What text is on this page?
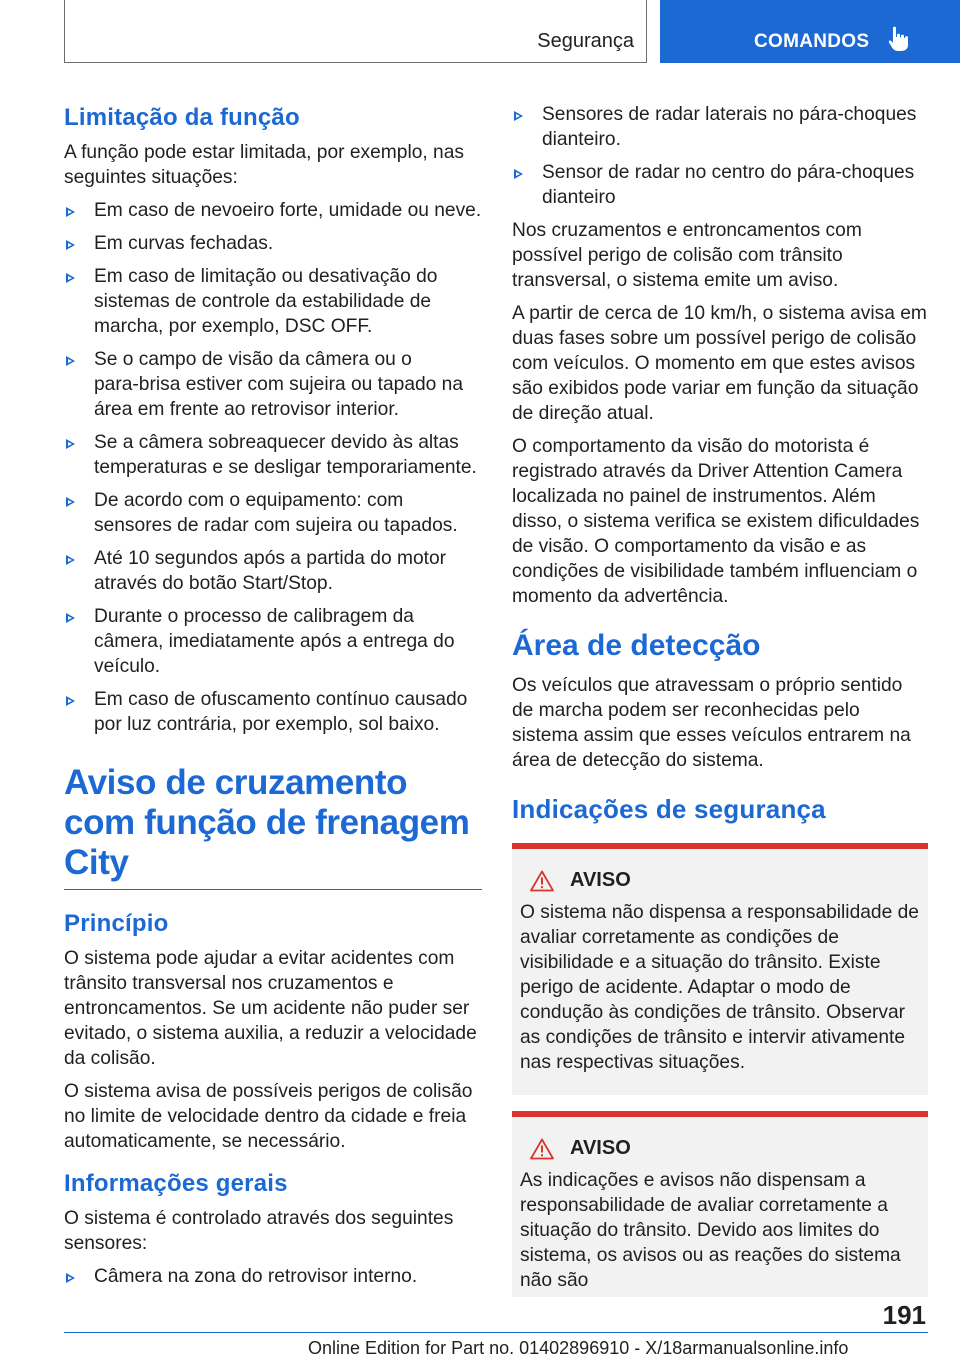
Segurança	COMANDOS
Limitação da função

A função pode estar limitada, por exemplo, nas seguintes situações:

Em caso de nevoeiro forte, umidade ou neve.
Em curvas fechadas.
Em caso de limitação ou desativação do sistemas de controle da estabilidade de marcha, por exemplo, DSC OFF.
Se o campo de visão da câmera ou o para‑brisa estiver com sujeira ou tapado na área em frente ao retrovisor interior.
Se a câmera sobreaquecer devido às altas temperaturas e se desligar temporariamente.
De acordo com o equipamento: com sensores de radar com sujeira ou tapados.
Até 10 segundos após a partida do motor através do botão Start/Stop.
Durante o processo de calibragem da câmera, imediatamente após a entrega do veículo.
Em caso de ofuscamento contínuo causado por luz contrária, por exemplo, sol baixo.
Aviso de cruzamento com função de frenagem City
Princípio

O sistema pode ajudar a evitar acidentes com trânsito transversal nos cruzamentos e entroncamentos. Se um acidente não puder ser evitado, o sistema auxilia, a reduzir a velocidade da colisão.

O sistema avisa de possíveis perigos de colisão no limite de velocidade dentro da cidade e freia automaticamente, se necessário.

Informações gerais

O sistema é controlado através dos seguintes sensores:

Câmera na zona do retrovisor interno.
Sensores de radar laterais no pára‑choques dianteiro.
Sensor de radar no centro do pára‑choques dianteiro

Nos cruzamentos e entroncamentos com possível perigo de colisão com trânsito transversal, o sistema emite um aviso.

A partir de cerca de 10 km/h, o sistema avisa em duas fases sobre um possível perigo de colisão com veículos. O momento em que estes avisos são exibidos pode variar em função da situação de direção atual.

O comportamento da visão do motorista é registrado através da Driver Attention Camera localizada no painel de instrumentos. Além disso, o sistema verifica se existem dificuldades de visão. O comportamento da visão e as condições de visibilidade também influenciam o momento da advertência.

Área de detecção

Os veículos que atravessam o próprio sentido de marcha podem ser reconhecidas pelo sistema assim que esses veículos entrarem na área de detecção do sistema.

Indicações de segurança
AVISO

O sistema não dispensa a responsabilidade de avaliar corretamente as condições de visibilidade e a situação do trânsito. Existe perigo de acidente. Adaptar o modo de condução às condições de trânsito. Observar as condições de trânsito e intervir ativamente nas respectivas situações.

AVISO

As indicações e avisos não dispensam a responsabilidade de avaliar corretamente a situação do trânsito. Devido aos limites do sistema, os avisos ou as reações do sistema não são

191
Online Edition for Part no. 01402896910 - X/18armanualsonline.info
